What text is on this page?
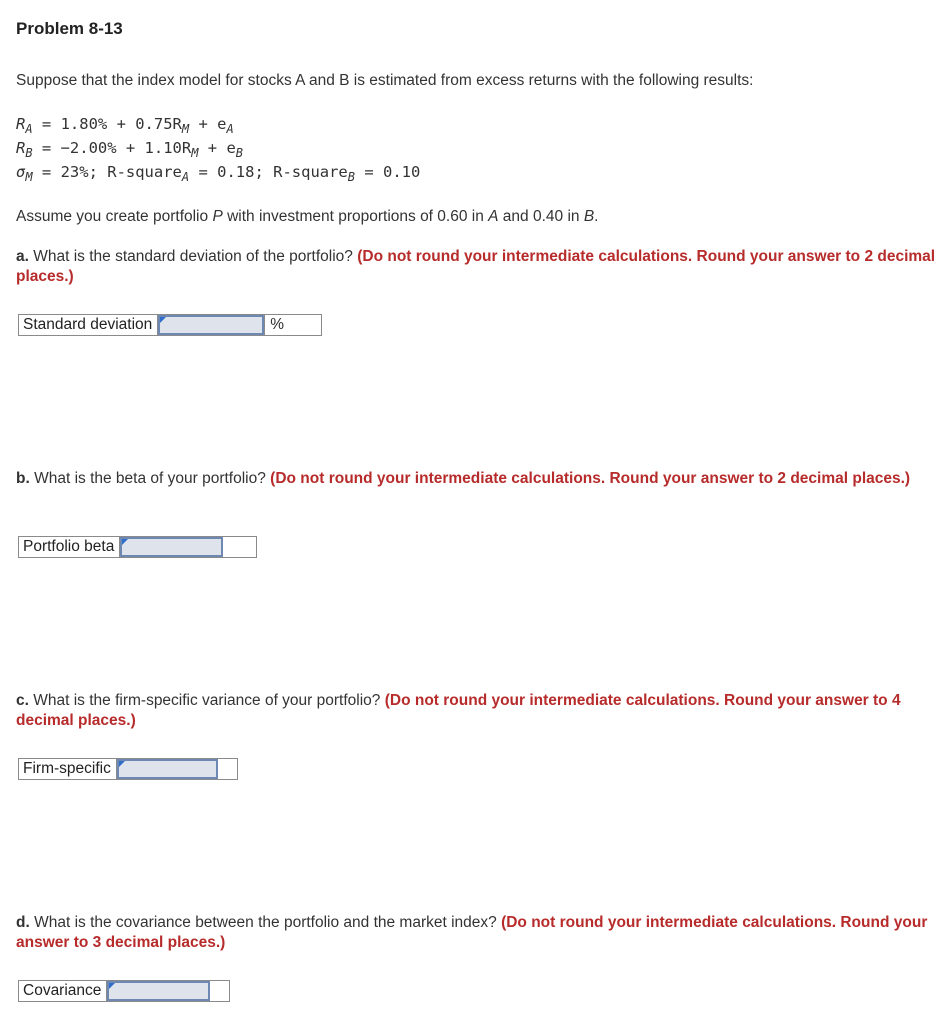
Problem 8-13
Suppose that the index model for stocks A and B is estimated from excess returns with the following results:
$R_A = 1.80\% + 0.75R_M + e_A$
$R_B = -2.00\% + 1.10R_M + e_B$
$\sigma_M = 23\%$; R-square$_A$ = 0.18; R-square$_B$ = 0.10
Assume you create portfolio P with investment proportions of 0.60 in A and 0.40 in B.
a. What is the standard deviation of the portfolio? (Do not round your intermediate calculations. Round your answer to 2 decimal places.)
Standard deviation	%
b. What is the beta of your portfolio? (Do not round your intermediate calculations. Round your answer to 2 decimal places.)
Portfolio beta
c. What is the firm-specific variance of your portfolio? (Do not round your intermediate calculations. Round your answer to 4 decimal places.)
Firm-specific
d. What is the covariance between the portfolio and the market index? (Do not round your intermediate calculations. Round your answer to 3 decimal places.)
Covariance
